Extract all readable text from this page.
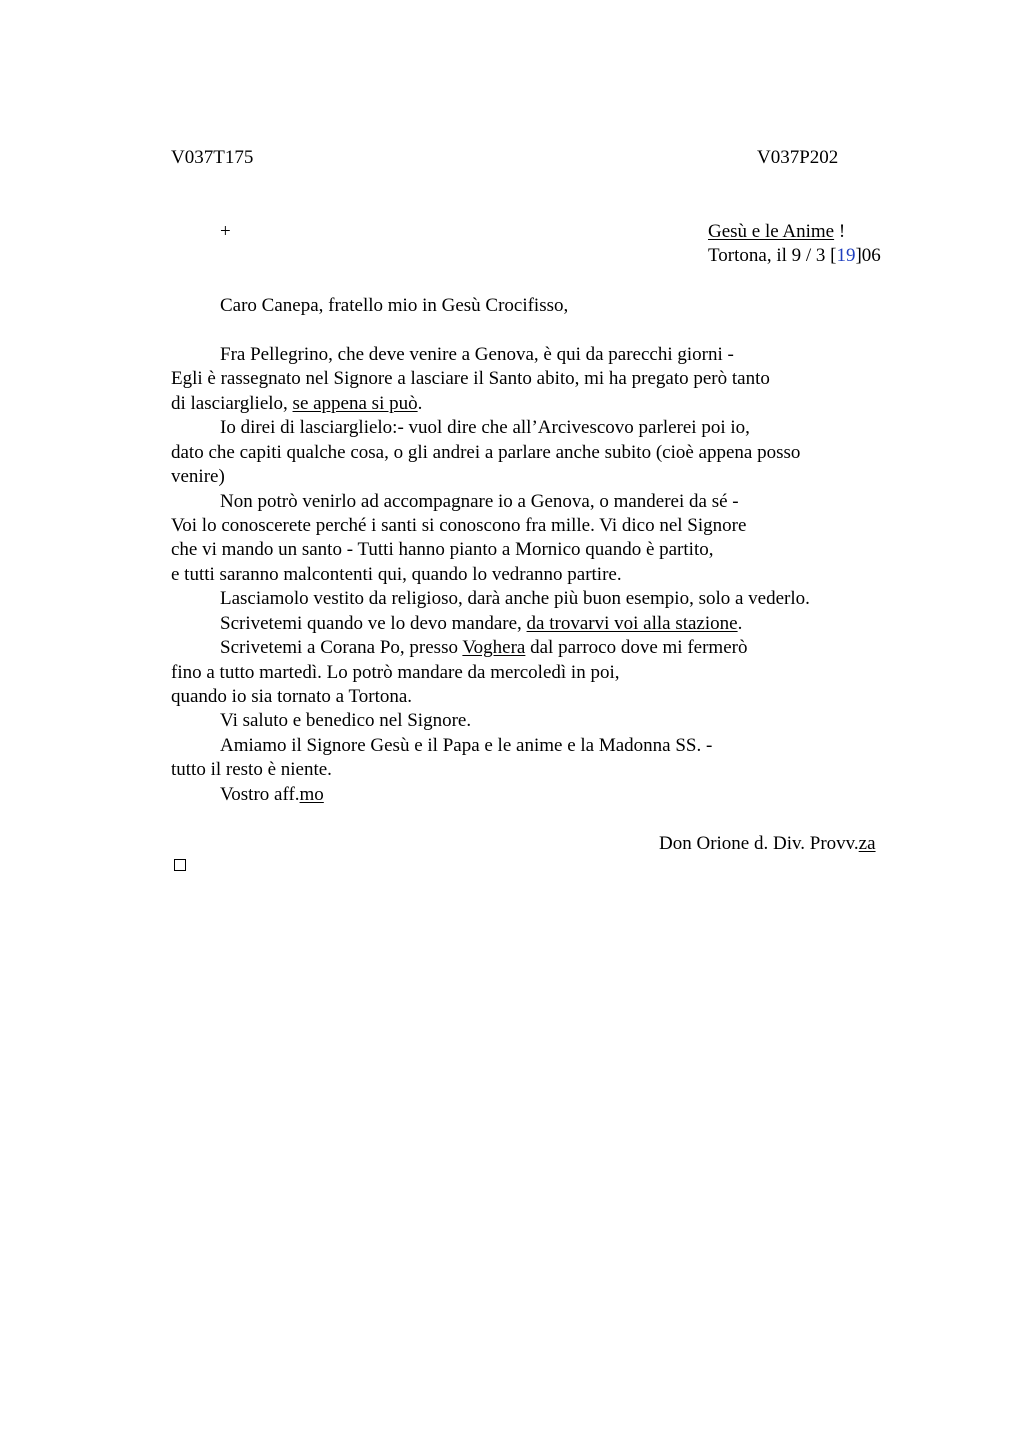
V037T175	V037P202
+	Gesù e le Anime !
Tortona, il 9 / 3 [19]06
Caro Canepa, fratello mio in Gesù Crocifisso,
Fra Pellegrino, che deve venire a Genova, è qui da parecchi giorni -
Egli è rassegnato nel Signore a lasciare il Santo abito, mi ha pregato però tanto
di lasciarglielo, se appena si può.
Io direi di lasciarglielo:- vuol dire che all’Arcivescovo parlerei poi io,
dato che capiti qualche cosa, o gli andrei a parlare anche subito (cioè appena posso
venire)
Non potrò venirlo ad accompagnare io a Genova, o manderei da sé -
Voi lo conoscerete perché i santi si conoscono fra mille. Vi dico nel Signore
che vi mando un santo - Tutti hanno pianto a Mornico quando è partito,
e tutti saranno malcontenti qui, quando lo vedranno partire.
Lasciamolo vestito da religioso, darà anche più buon esempio, solo a vederlo.
Scrivetemi quando ve lo devo mandare, da trovarvi voi alla stazione.
Scrivetemi a Corana Po, presso Voghera dal parroco dove mi fermerò
fino a tutto martedì. Lo potrò mandare da mercoledì in poi,
quando io sia tornato a Tortona.
Vi saluto e benedico nel Signore.
Amiamo il Signore Gesù e il Papa e le anime e la Madonna SS. -
tutto il resto è niente.
Vostro aff.mo
Don Orione d. Div. Provv.za
